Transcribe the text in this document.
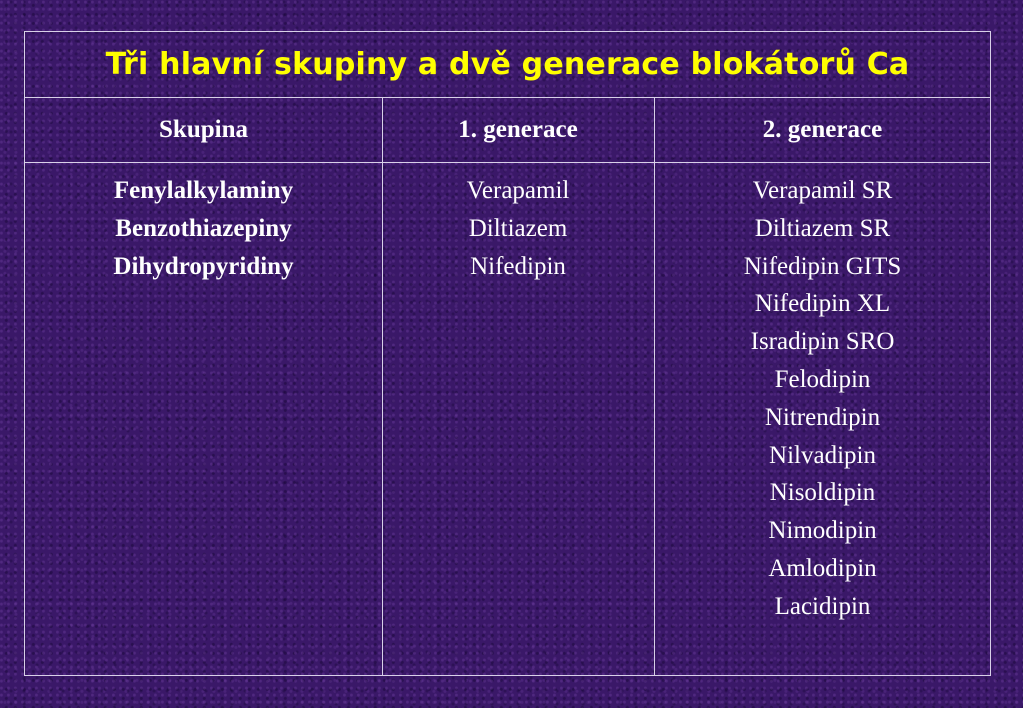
Tři hlavní skupiny a dvě generace blokátorů Ca
Skupina	1. generace	2. generace
Fenylalkylaminy
Benzothiazepiny
Dihydropyridiny
Verapamil
Diltiazem
Nifedipin
Verapamil SR
Diltiazem SR
Nifedipin GITS
Nifedipin XL
Isradipin SRO
Felodipin
Nitrendipin
Nilvadipin
Nisoldipin
Nimodipin
Amlodipin
Lacidipin
